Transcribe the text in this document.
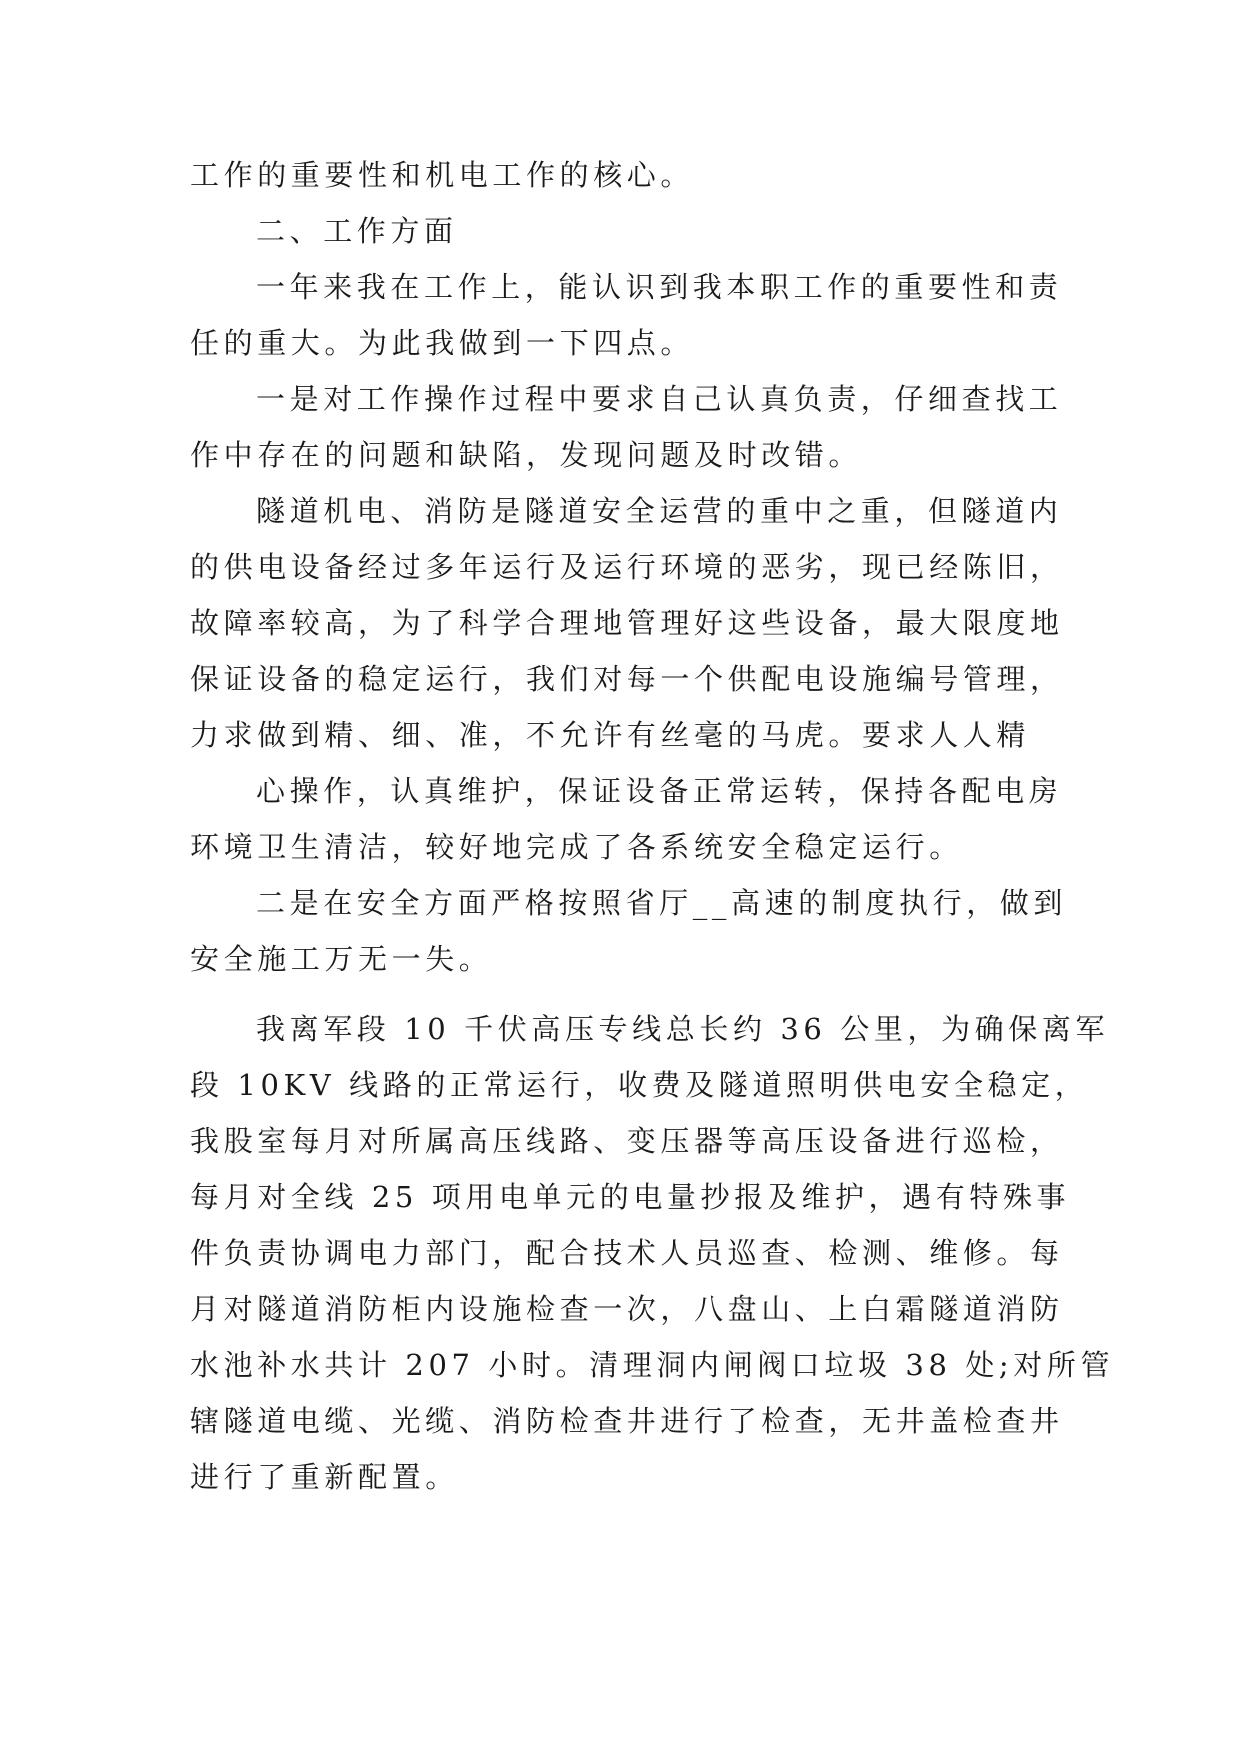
工作的重要性和机电工作的核心。
二、工作方面
一年来我在工作上，能认识到我本职工作的重要性和责
任的重大。为此我做到一下四点。
一是对工作操作过程中要求自己认真负责，仔细查找工
作中存在的问题和缺陷，发现问题及时改错。
隧道机电、消防是隧道安全运营的重中之重，但隧道内
的供电设备经过多年运行及运行环境的恶劣，现已经陈旧，
故障率较高，为了科学合理地管理好这些设备，最大限度地
保证设备的稳定运行，我们对每一个供配电设施编号管理，
力求做到精、细、准，不允许有丝毫的马虎。要求人人精
心操作，认真维护，保证设备正常运转，保持各配电房
环境卫生清洁，较好地完成了各系统安全稳定运行。
二是在安全方面严格按照省厅__高速的制度执行，做到
安全施工万无一失。
我离军段 10 千伏高压专线总长约 36 公里，为确保离军
段 10KV 线路的正常运行，收费及隧道照明供电安全稳定，
我股室每月对所属高压线路、变压器等高压设备进行巡检，
每月对全线 25 项用电单元的电量抄报及维护，遇有特殊事
件负责协调电力部门，配合技术人员巡查、检测、维修。每
月对隧道消防柜内设施检查一次，八盘山、上白霜隧道消防
水池补水共计 207 小时。清理洞内闸阀口垃圾 38 处;对所管
辖隧道电缆、光缆、消防检查井进行了检查，无井盖检查井
进行了重新配置。
